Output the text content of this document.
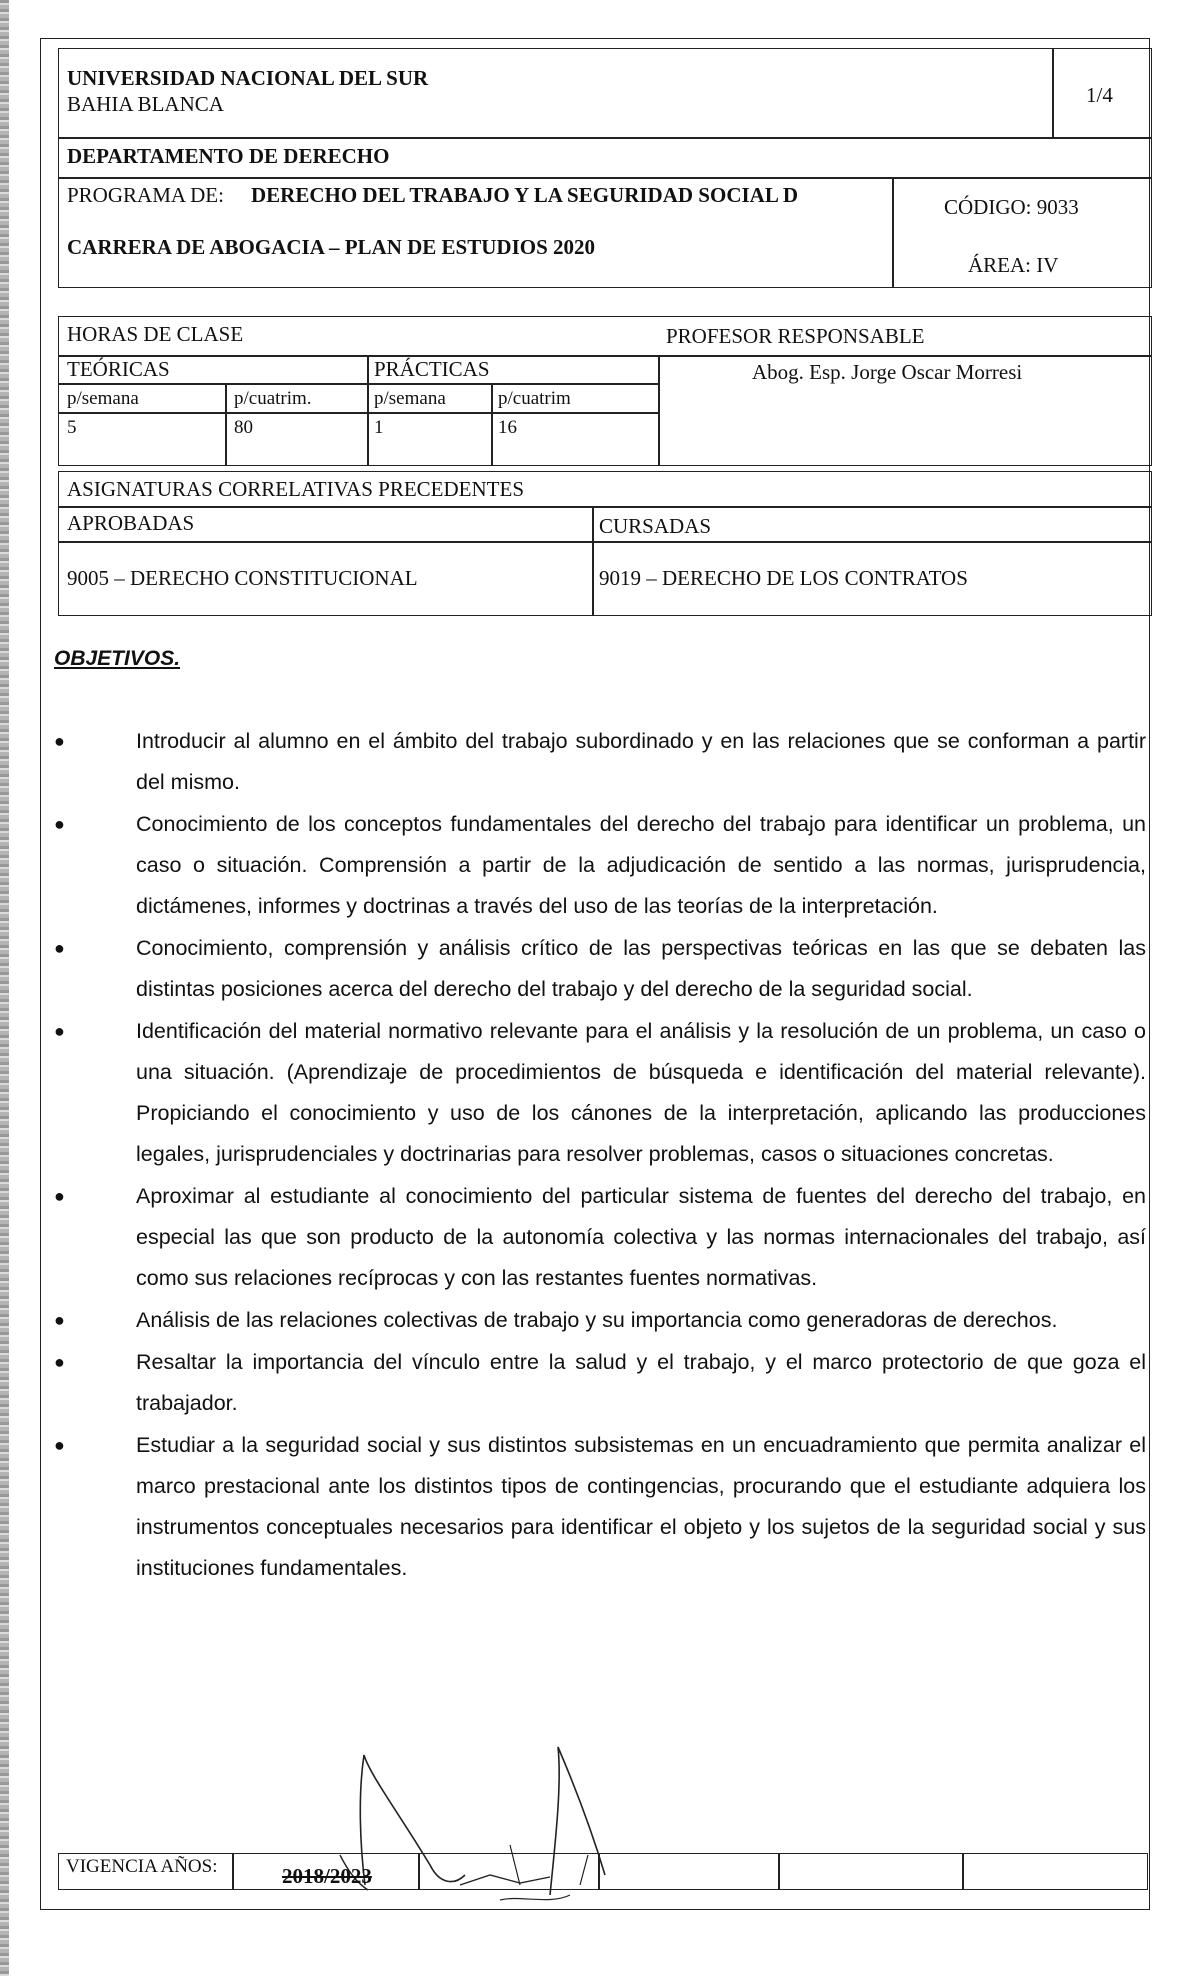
UNIVERSIDAD NACIONAL DEL SUR
BAHIA BLANCA	1/4
DEPARTAMENTO DE DERECHO
PROGRAMA DE: DERECHO DEL TRABAJO Y LA SEGURIDAD SOCIAL D
CARRERA DE ABOGACIA – PLAN DE ESTUDIOS 2020
CÓDIGO: 9033
ÁREA: IV
HORAS DE CLASE	PROFESOR RESPONSABLE
TEÓRICAS	PRÁCTICAS	Abog. Esp. Jorge Oscar Morresi
p/semana	p/cuatrim.	p/semana	p/cuatrim
5	80	1	16
ASIGNATURAS CORRELATIVAS PRECEDENTES
APROBADAS	CURSADAS
9005 – DERECHO CONSTITUCIONAL	9019 – DERECHO DE LOS CONTRATOS
OBJETIVOS.
●	Introducir al alumno en el ámbito del trabajo subordinado y en las relaciones que se conforman a partir del mismo.
●	Conocimiento de los conceptos fundamentales del derecho del trabajo para identificar un problema, un caso o situación. Comprensión a partir de la adjudicación de sentido a las normas, jurisprudencia, dictámenes, informes y doctrinas a través del uso de las teorías de la interpretación.
●	Conocimiento, comprensión y análisis crítico de las perspectivas teóricas en las que se debaten las distintas posiciones acerca del derecho del trabajo y del derecho de la seguridad social.
●	Identificación del material normativo relevante para el análisis y la resolución de un problema, un caso o una situación. (Aprendizaje de procedimientos de búsqueda e identificación del material relevante). Propiciando el conocimiento y uso de los cánones de la interpretación, aplicando las producciones legales, jurisprudenciales y doctrinarias para resolver problemas, casos o situaciones concretas.
●	Aproximar al estudiante al conocimiento del particular sistema de fuentes del derecho del trabajo, en especial las que son producto de la autonomía colectiva y las normas internacionales del trabajo, así como sus relaciones recíprocas y con las restantes fuentes normativas.
●	Análisis de las relaciones colectivas de trabajo y su importancia como generadoras de derechos.
●	Resaltar la importancia del vínculo entre la salud y el trabajo, y el marco protectorio de que goza el trabajador.
●	Estudiar a la seguridad social y sus distintos subsistemas en un encuadramiento que permita analizar el marco prestacional ante los distintos tipos de contingencias, procurando que el estudiante adquiera los instrumentos conceptuales necesarios para identificar el objeto y los sujetos de la seguridad social y sus instituciones fundamentales.
VIGENCIA AÑOS:	2018/2023
